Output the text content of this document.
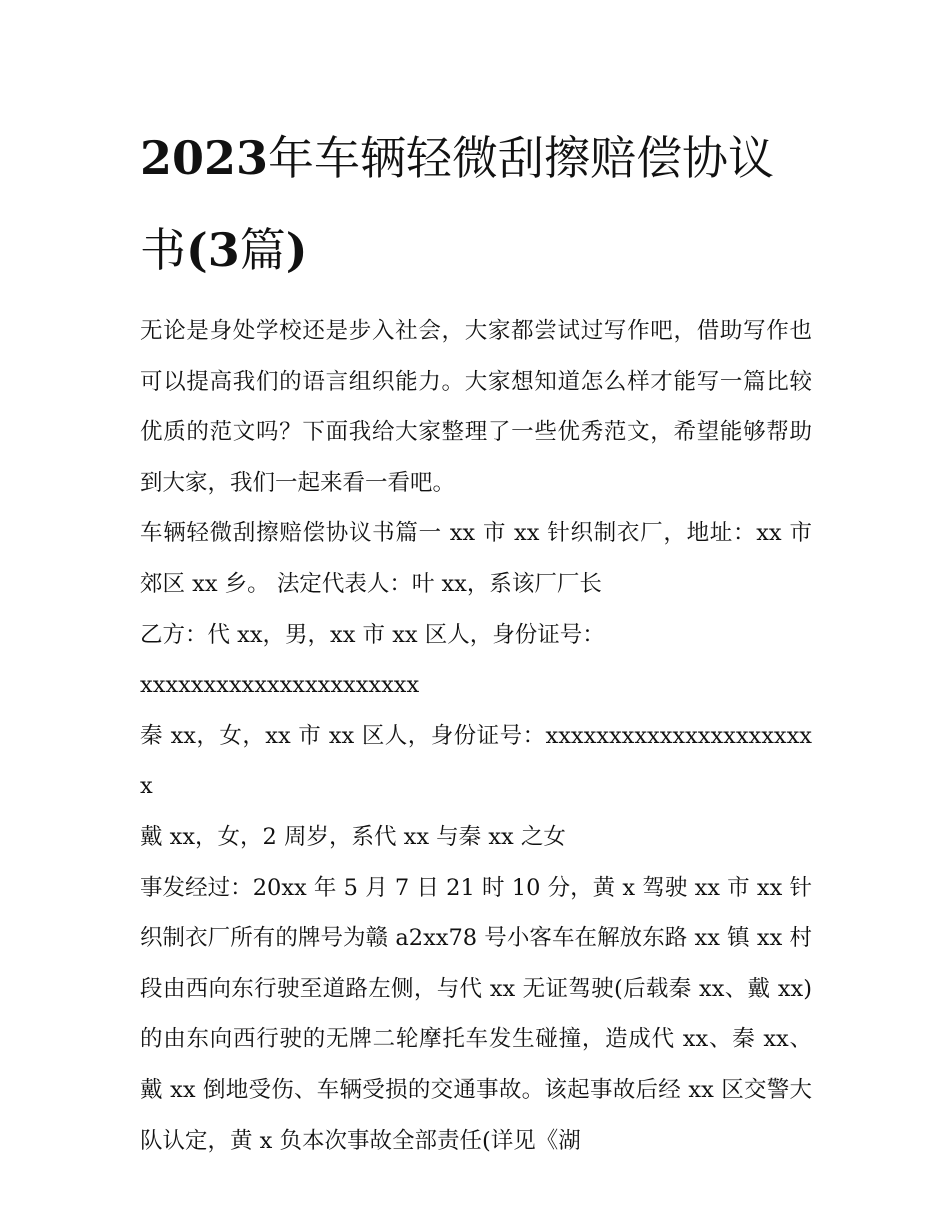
2023年车辆轻微刮擦赔偿协议书(3篇)

无论是身处学校还是步入社会，大家都尝试过写作吧，借助写作也可以提高我们的语言组织能力。大家想知道怎么样才能写一篇比较优质的范文吗？下面我给大家整理了一些优秀范文，希望能够帮助到大家，我们一起来看一看吧。

车辆轻微刮擦赔偿协议书篇一 xx 市 xx 针织制衣厂，地址：xx 市郊区 xx 乡。 法定代表人：叶 xx，系该厂厂长

乙方：代 xx，男，xx 市 xx 区人，身份证号：

xxxxxxxxxxxxxxxxxxxxxx

秦 xx，女，xx 市 xx 区人，身份证号：xxxxxxxxxxxxxxxxxxxxxx

戴 xx，女，2 周岁，系代 xx 与秦 xx 之女

事发经过：20xx 年 5 月 7 日 21 时 10 分，黄 x 驾驶 xx 市 xx 针织制衣厂所有的牌号为赣 a2xx78 号小客车在解放东路 xx 镇 xx 村段由西向东行驶至道路左侧，与代 xx 无证驾驶(后载秦 xx、戴 xx)的由东向西行驶的无牌二轮摩托车发生碰撞，造成代 xx、秦 xx、戴 xx 倒地受伤、车辆受损的交通事故。该起事故后经 xx 区交警大队认定，黄 x 负本次事故全部责任(详见《湖
